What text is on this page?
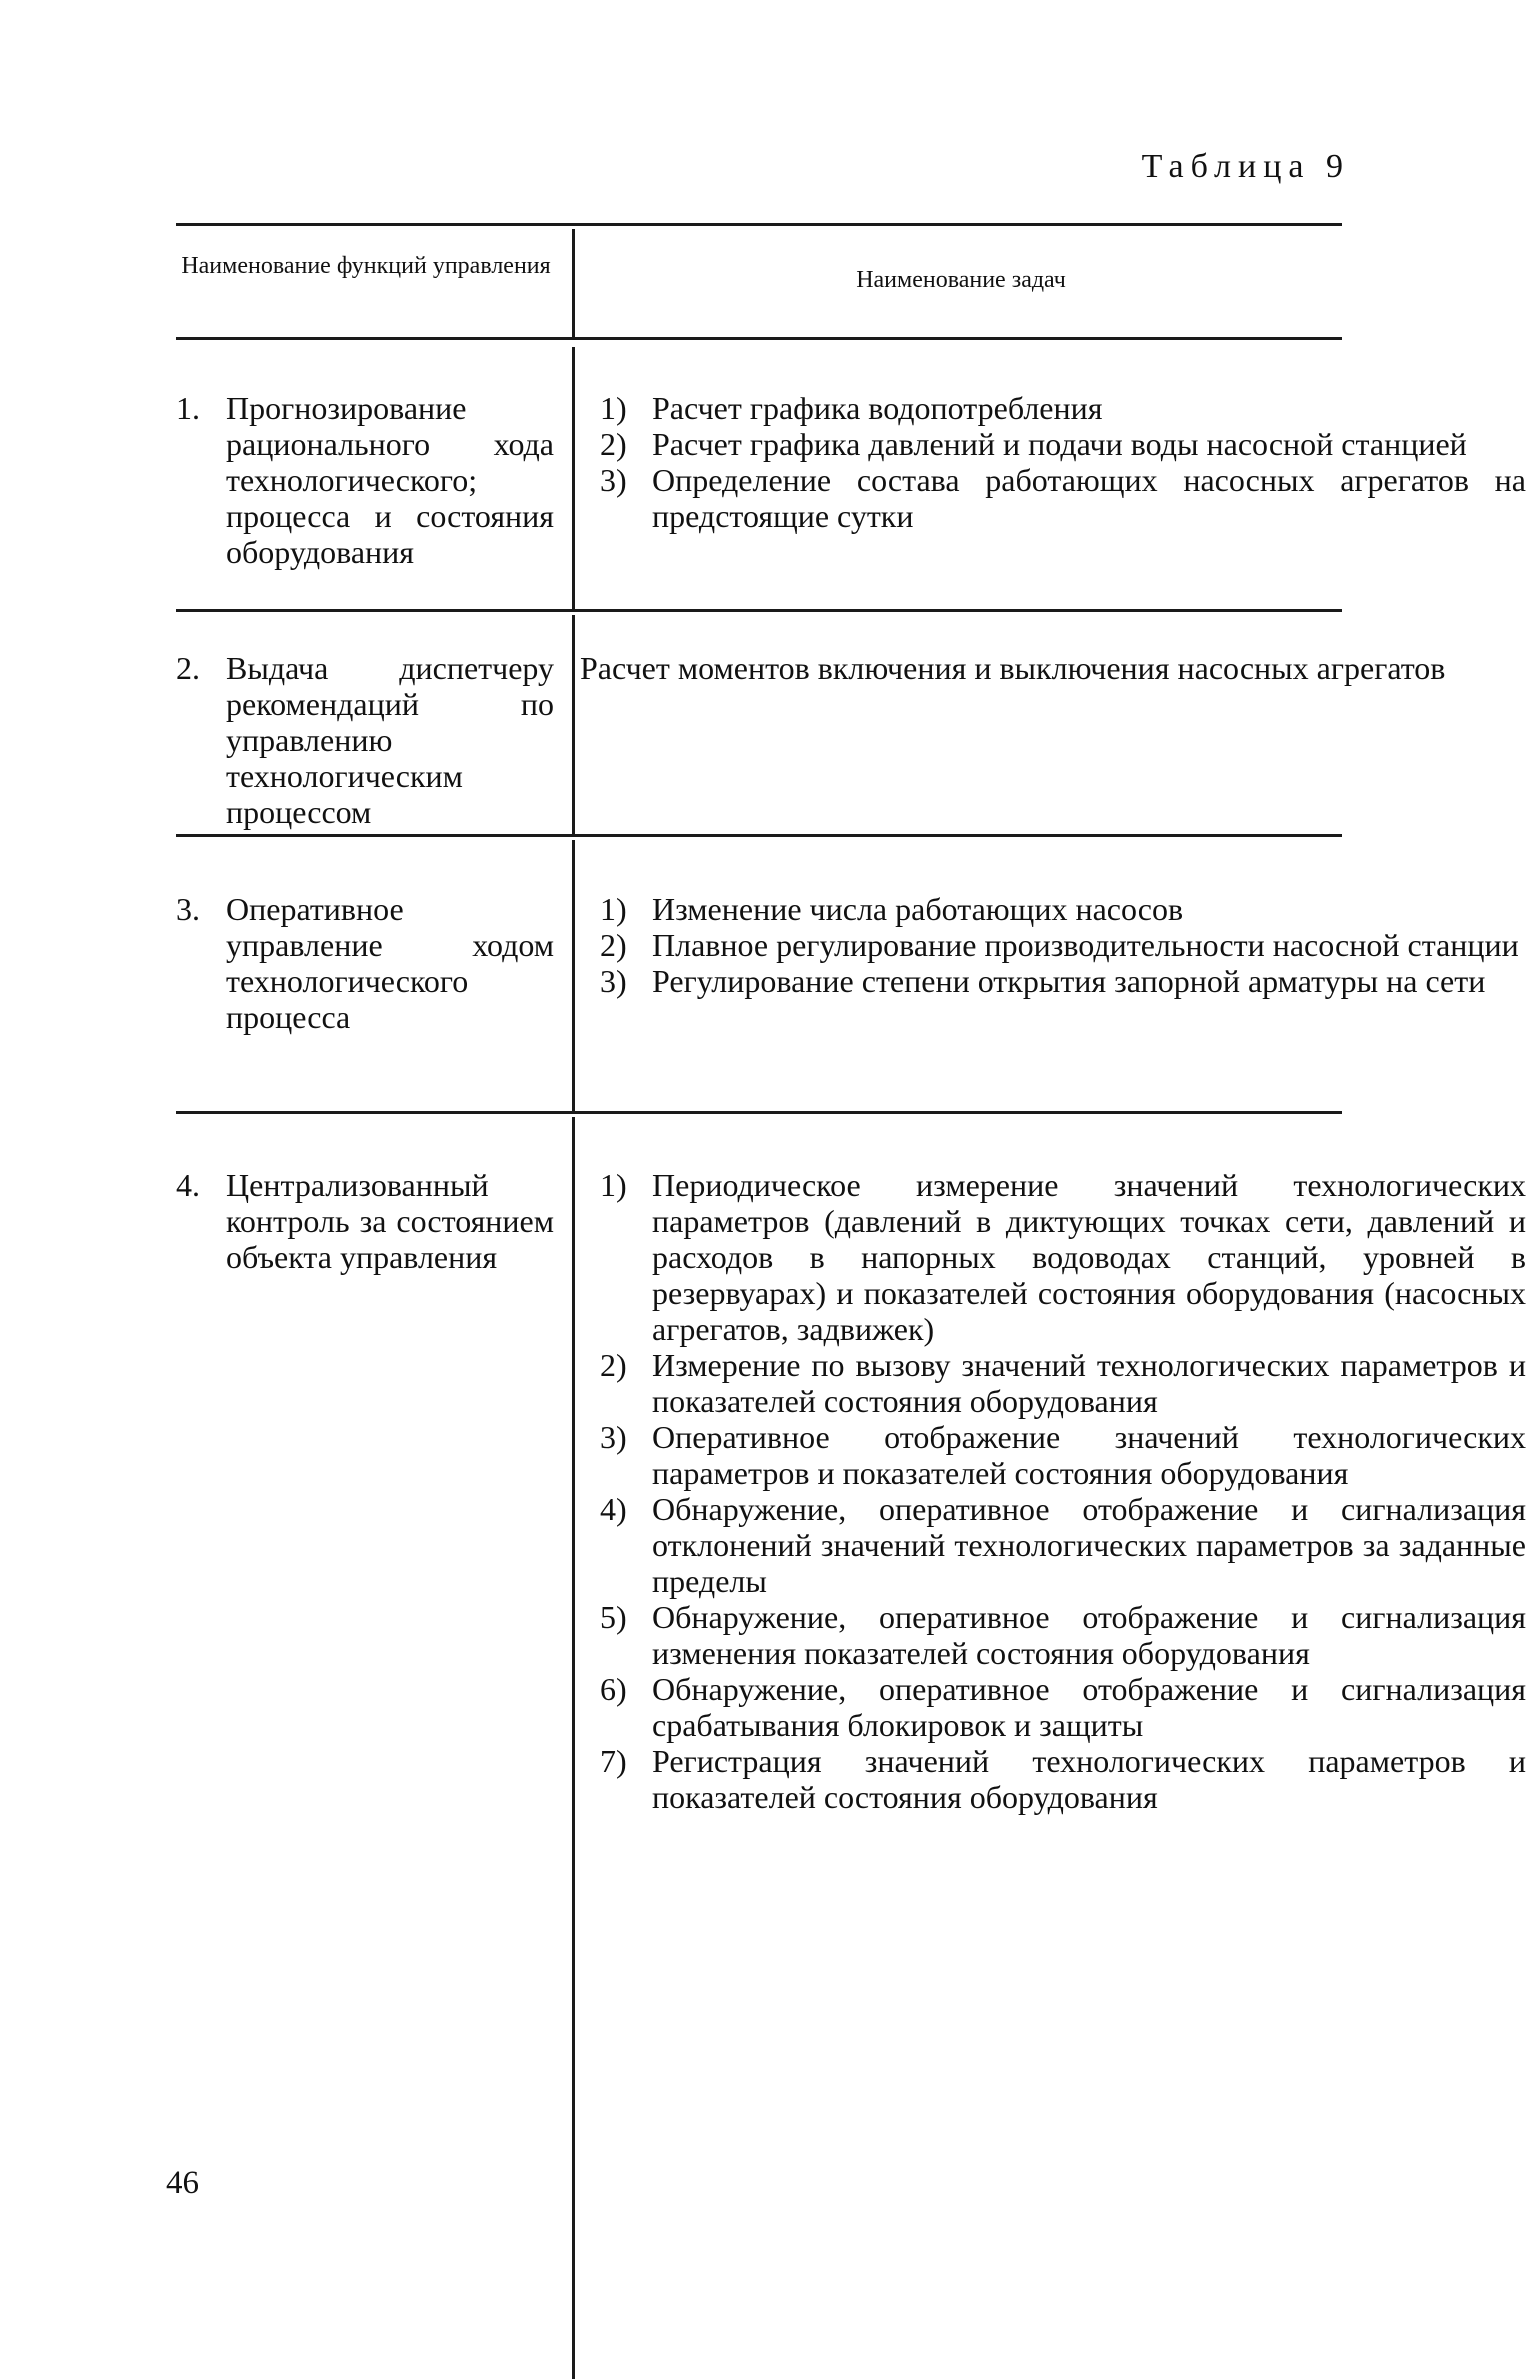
Таблица 9
Наименование функций управления
Наименование задач
1. Прогнозирование рационального хода технологического; процесса и состояния оборудования
1) Расчет графика водопотребления
2) Расчет графика давлений и подачи воды насосной станцией
3) Определение состава работающих насосных агрегатов на предстоящие сутки
2. Выдача диспетчеру рекомендаций по управлению технологическим процессом
Расчет моментов включения и выключения насосных агрегатов
3. Оперативное управление ходом технологического процесса
1) Изменение числа работающих насосов
2) Плавное регулирование производительности насосной станции
3) Регулирование степени открытия запорной арматуры на сети
4. Централизованный контроль за состоянием объекта управления
1) Периодическое измерение значений технологических параметров (давлений в диктующих точках сети, давлений и расходов в напорных водоводах станций, уровней в резервуарах) и показателей состояния оборудования (насосных агрегатов, задвижек)
2) Измерение по вызову значений технологических параметров и показателей состояния оборудования
3) Оперативное отображение значений технологических параметров и показателей состояния оборудования
4) Обнаружение, оперативное отображение и сигнализация отклонений значений технологических параметров за заданные пределы
5) Обнаружение, оперативное отображение и сигнализация изменения показателей состояния оборудования
6) Обнаружение, оперативное отображение и сигнализация срабатывания блокировок и защиты
7) Регистрация значений технологических параметров и показателей состояния оборудования
46
